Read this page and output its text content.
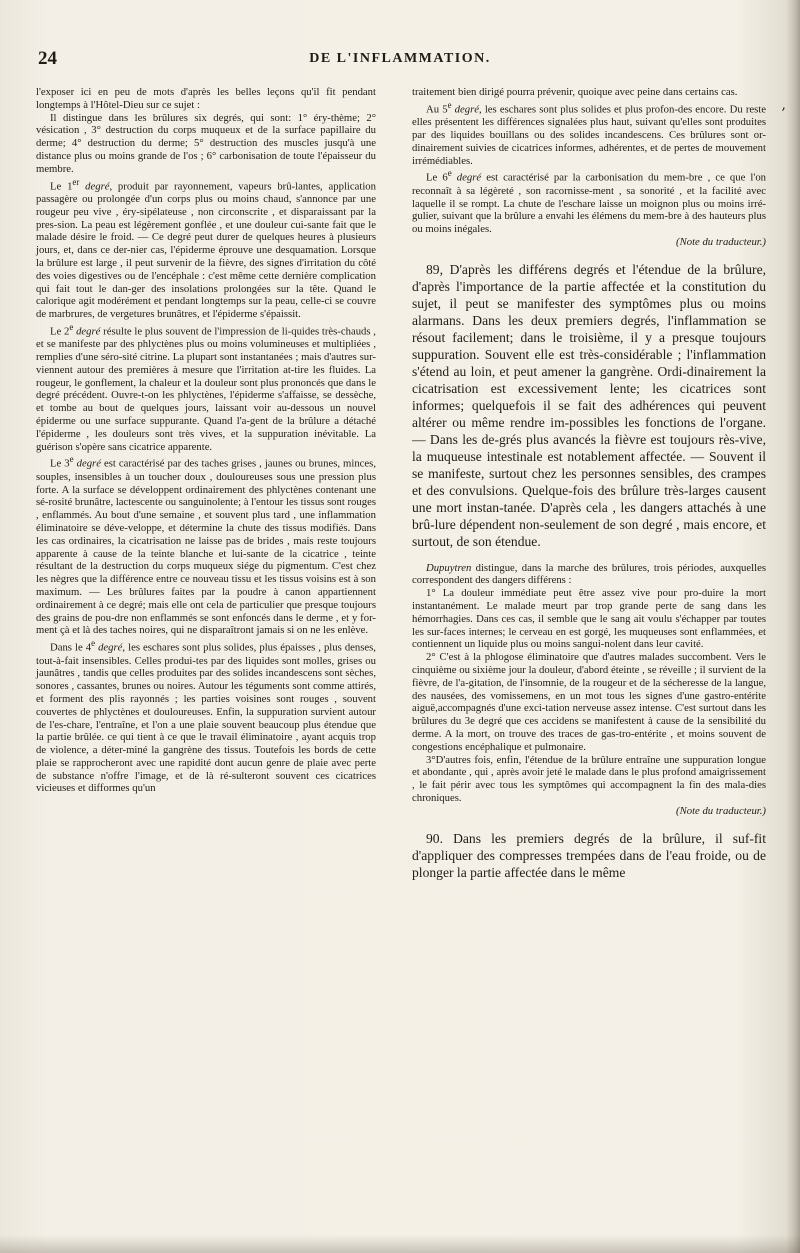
24	DE L'INFLAMMATION.
,

l'exposer ici en peu de mots d'après les belles leçons qu'il fit pendant longtemps à l'Hôtel-Dieu sur ce sujet :

Il distingue dans les brûlures six degrés, qui sont: 1° éry-thème; 2° vésication , 3° destruction du corps muqueux et de la surface papillaire du derme; 4° destruction du derme; 5° destruction des muscles jusqu'à une distance plus ou moins grande de l'os ; 6° carbonisation de toute l'épaisseur du membre.

Le 1er degré, produit par rayonnement, vapeurs brû-lantes, application passagère ou prolongée d'un corps plus ou moins chaud, s'annonce par une rougeur peu vive , éry-sipélateuse , non circonscrite , et disparaissant par la pres-sion. La peau est légèrement gonflée , et une douleur cui-sante fait que le malade désire le froid. — Ce degré peut durer de quelques heures à plusieurs jours, et, dans ce der-nier cas, l'épiderme éprouve une desquamation. Lorsque la brûlure est large , il peut survenir de la fièvre, des signes d'irritation du côté des voies digestives ou de l'encéphale : c'est même cette dernière complication qui fait tout le dan-ger des insolations prolongées sur la tête. Quand le calorique agit modérément et pendant longtemps sur la peau, celle-ci se couvre de marbrures, de vergetures brunâtres, et l'épiderme s'épaissit.

Le 2e degré résulte le plus souvent de l'impression de li-quides très-chauds , et se manifeste par des phlyctènes plus ou moins volumineuses et multipliées , remplies d'une séro-sité citrine. La plupart sont instantanées ; mais d'autres sur-viennent autour des premières à mesure que l'irritation at-tire les fluides. La rougeur, le gonflement, la chaleur et la douleur sont plus prononcés que dans le degré précédent. Ouvre-t-on les phlyctènes, l'épiderme s'affaisse, se dessèche, et tombe au bout de quelques jours, laissant voir au-dessous un nouvel épiderme ou une surface suppurante. Quand l'a-gent de la brûlure a détaché l'épiderme , les douleurs sont très vives, et la suppuration inévitable. La guérison s'opère sans cicatrice apparente.

Le 3e degré est caractérisé par des taches grises , jaunes ou brunes, minces, souples, insensibles à un toucher doux , douloureuses sous une pression plus forte. A la surface se développent ordinairement des phlyctènes contenant une sé-rosité brunâtre, lactescente ou sanguinolente; à l'entour les tissus sont rouges , enflammés. Au bout d'une semaine , et souvent plus tard , une inflammation éliminatoire se déve-veloppe, et détermine la chute des tissus modifiés. Dans les cas ordinaires, la cicatrisation ne laisse pas de brides , mais reste toujours apparente à cause de la teinte blanche et lui-sante de la cicatrice , teinte résultant de la destruction du corps muqueux siége du pigmentum. C'est chez les nègres que la différence entre ce nouveau tissu et les tissus voisins est à son maximum. — Les brûlures faites par la poudre à canon appartiennent ordinairement à ce degré; mais elle ont cela de particulier que presque toujours des grains de pou-dre non enflammés se sont enfoncés dans le derme , et y for-ment çà et là des taches noires, qui ne disparaîtront jamais si on ne les enlève.

Dans le 4e degré, les eschares sont plus solides, plus épaisses , plus denses, tout-à-fait insensibles. Celles produi-tes par des liquides sont molles, grises ou jaunâtres , tandis que celles produites par des solides incandescens sont sèches, sonores , cassantes, brunes ou noires. Autour les téguments sont comme attirés, et forment des plis rayonnés ; les parties voisines sont rouges , souvent couvertes de phlyctènes et douloureuses. Enfin, la suppuration survient autour de l'es-chare, l'entraîne, et l'on a une plaie souvent beaucoup plus étendue que la partie brûlée. ce qui tient à ce que le travail éliminatoire , ayant acquis trop de violence, a déter-miné la gangrène des tissus. Toutefois les bords de cette plaie se rapprocheront avec une rapidité dont aucun genre de plaie avec perte de substance n'offre l'image, et de là ré-sulteront souvent ces cicatrices vicieuses et difformes qu'un

traitement bien dirigé pourra prévenir, quoique avec peine dans certains cas.

Au 5e degré, les eschares sont plus solides et plus profon-des encore. Du reste elles présentent les différences signalées plus haut, suivant qu'elles sont produites par des liquides bouillans ou des solides incandescens. Ces brûlures sont or-dinairement suivies de cicatrices informes, adhérentes, et de pertes de mouvement irrémédiables.

Le 6e degré est caractérisé par la carbonisation du mem-bre , ce que l'on reconnaît à sa légèreté , son racornisse-ment , sa sonorité , et la facilité avec laquelle il se rompt. La chute de l'eschare laisse un moignon plus ou moins irré-gulier, suivant que la brûlure a envahi les élémens du mem-bre à des hauteurs plus ou moins inégales.

(Note du traducteur.)

89, D'après les différens degrés et l'étendue de la brûlure, d'après l'importance de la partie affectée et la constitution du sujet, il peut se manifester des symptômes plus ou moins alarmans. Dans les deux premiers degrés, l'inflammation se résout facilement; dans le troisième, il y a presque toujours suppuration. Souvent elle est très-considérable ; l'inflammation s'étend au loin, et peut amener la gangrène. Ordi-dinairement la cicatrisation est excessivement lente; les cicatrices sont informes; quelquefois il se fait des adhérences qui peuvent altérer ou même rendre im-possibles les fonctions de l'organe. — Dans les de-grés plus avancés la fièvre est toujours rès-vive, la muqueuse intestinale est notablement affectée. — Souvent il se manifeste, surtout chez les personnes sensibles, des crampes et des convulsions. Quelque-fois des brûlure très-larges causent une mort instan-tanée. D'après cela , les dangers attachés à une brû-lure dépendent non-seulement de son degré , mais encore, et surtout, de son étendue.

Dupuytren distingue, dans la marche des brûlures, trois périodes, auxquelles correspondent des dangers différens :

1° La douleur immédiate peut être assez vive pour pro-duire la mort instantanément. Le malade meurt par trop grande perte de sang dans les hémorrhagies. Dans ces cas, il semble que le sang ait voulu s'échapper par toutes les sur-faces internes; le cerveau en est gorgé, les muqueuses sont enflammées, et contiennent un liquide plus ou moins sangui-nolent dans leur cavité.

2° C'est à la phlogose éliminatoire que d'autres malades succombent. Vers le cinquième ou sixième jour la douleur, d'abord éteinte , se réveille ; il survient de la fièvre, de l'a-gitation, de l'insomnie, de la rougeur et de la sécheresse de la langue, des nausées, des vomissemens, en un mot tous les signes d'une gastro-entérite aiguë,accompagnés d'une exci-tation nerveuse assez intense. C'est surtout dans les brûlures du 3e degré que ces accidens se manifestent à cause de la sensibilité du derme. A la mort, on trouve des traces de gas-tro-entérite , et moins souvent de congestions encéphalique et pulmonaire.

3°D'autres fois, enfin, l'étendue de la brûlure entraîne une suppuration longue et abondante , qui , après avoir jeté le malade dans le plus profond amaigrissement , le fait périr avec tous les symptômes qui accompagnent la fin des mala-dies chroniques.

(Note du traducteur.)

90. Dans les premiers degrés de la brûlure, il suf-fit d'appliquer des compresses trempées dans de l'eau froide, ou de plonger la partie affectée dans le même
